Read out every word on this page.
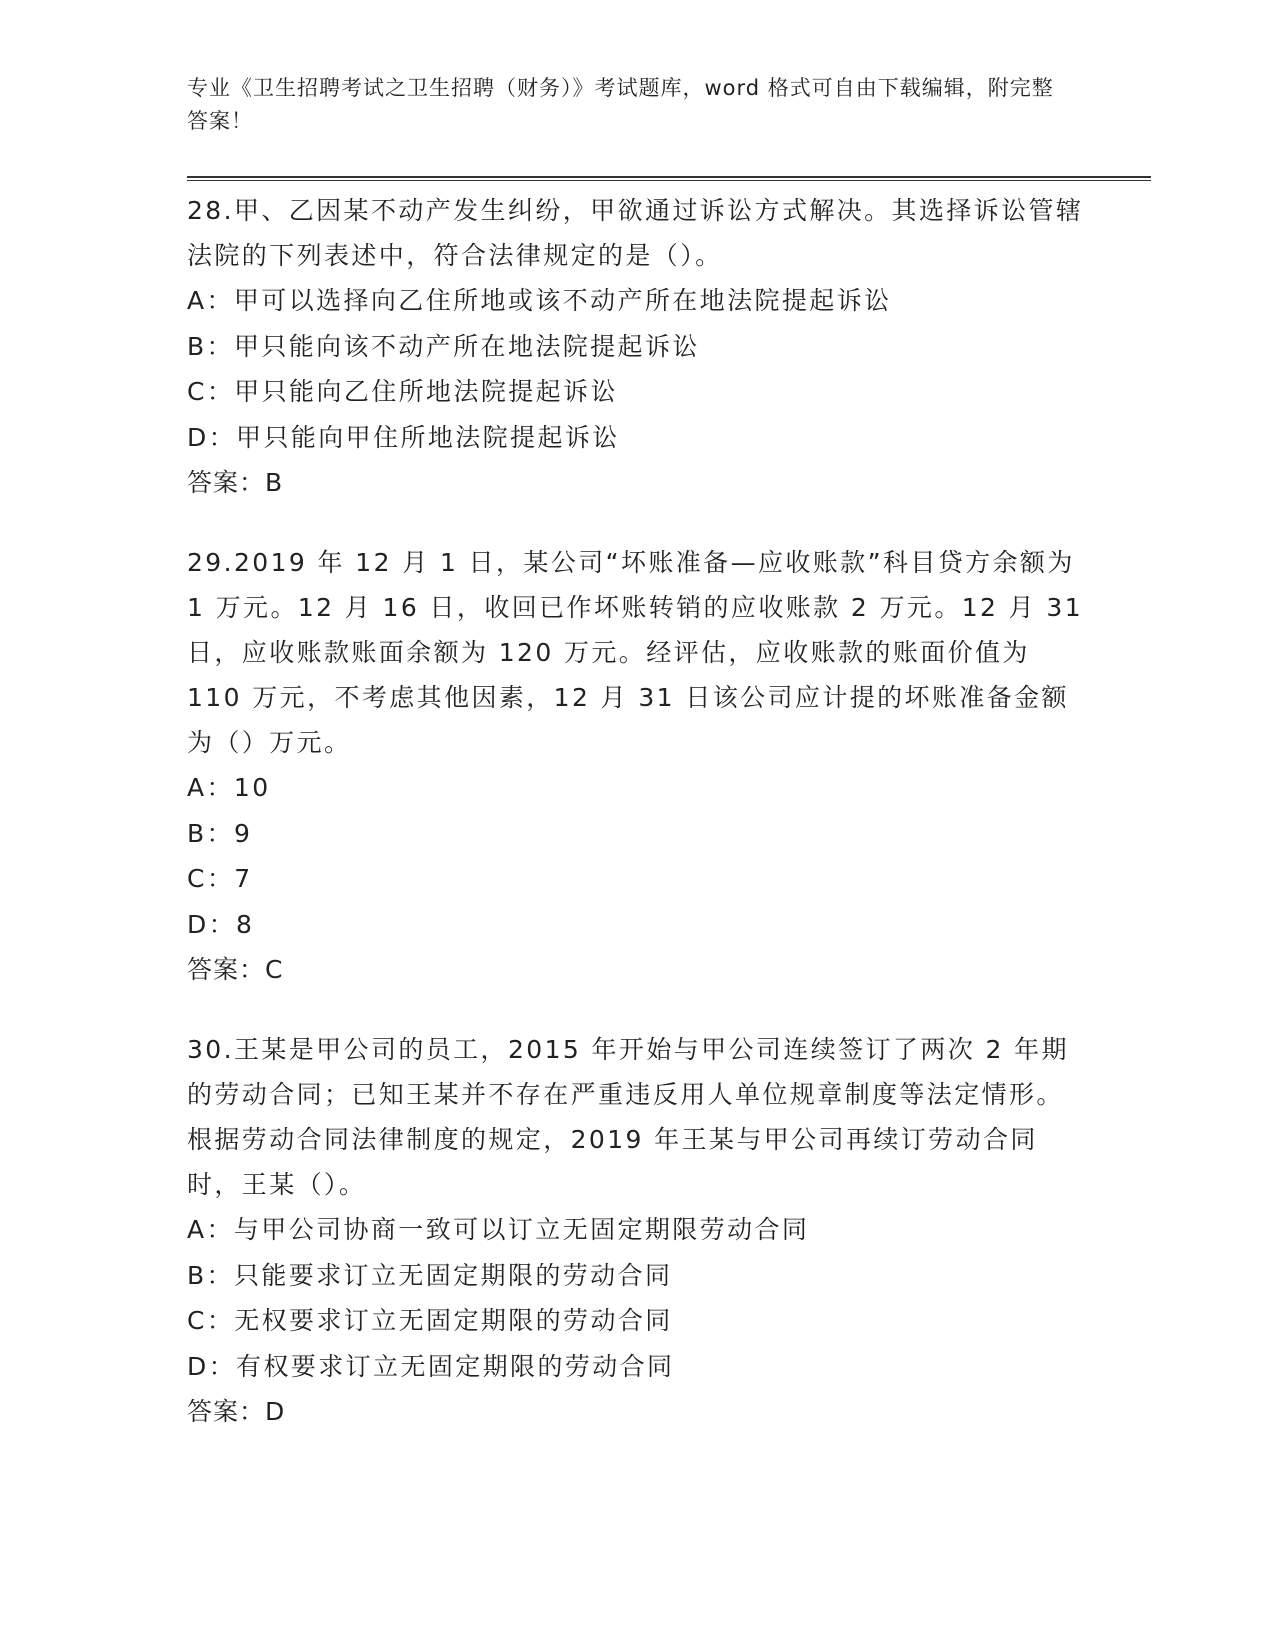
专业《卫生招聘考试之卫生招聘（财务）》考试题库，word 格式可自由下载编辑，附完整答案！

28.甲、乙因某不动产发生纠纷，甲欲通过诉讼方式解决。其选择诉讼管辖法院的下列表述中，符合法律规定的是（）。

A：甲可以选择向乙住所地或该不动产所在地法院提起诉讼

B：甲只能向该不动产所在地法院提起诉讼

C：甲只能向乙住所地法院提起诉讼

D：甲只能向甲住所地法院提起诉讼

答案：B

29.2019 年 12 月 1 日，某公司“坏账准备—应收账款”科目贷方余额为 1 万元。12 月 16 日，收回已作坏账转销的应收账款 2 万元。12 月 31 日，应收账款账面余额为 120 万元。经评估，应收账款的账面价值为 110 万元，不考虑其他因素，12 月 31 日该公司应计提的坏账准备金额为（）万元。

A：10

B：9

C：7

D：8

答案：C

30.王某是甲公司的员工，2015 年开始与甲公司连续签订了两次 2 年期的劳动合同；已知王某并不存在严重违反用人单位规章制度等法定情形。根据劳动合同法律制度的规定，2019 年王某与甲公司再续订劳动合同时，王某（）。

A：与甲公司协商一致可以订立无固定期限劳动合同

B：只能要求订立无固定期限的劳动合同

C：无权要求订立无固定期限的劳动合同

D：有权要求订立无固定期限的劳动合同

答案：D
